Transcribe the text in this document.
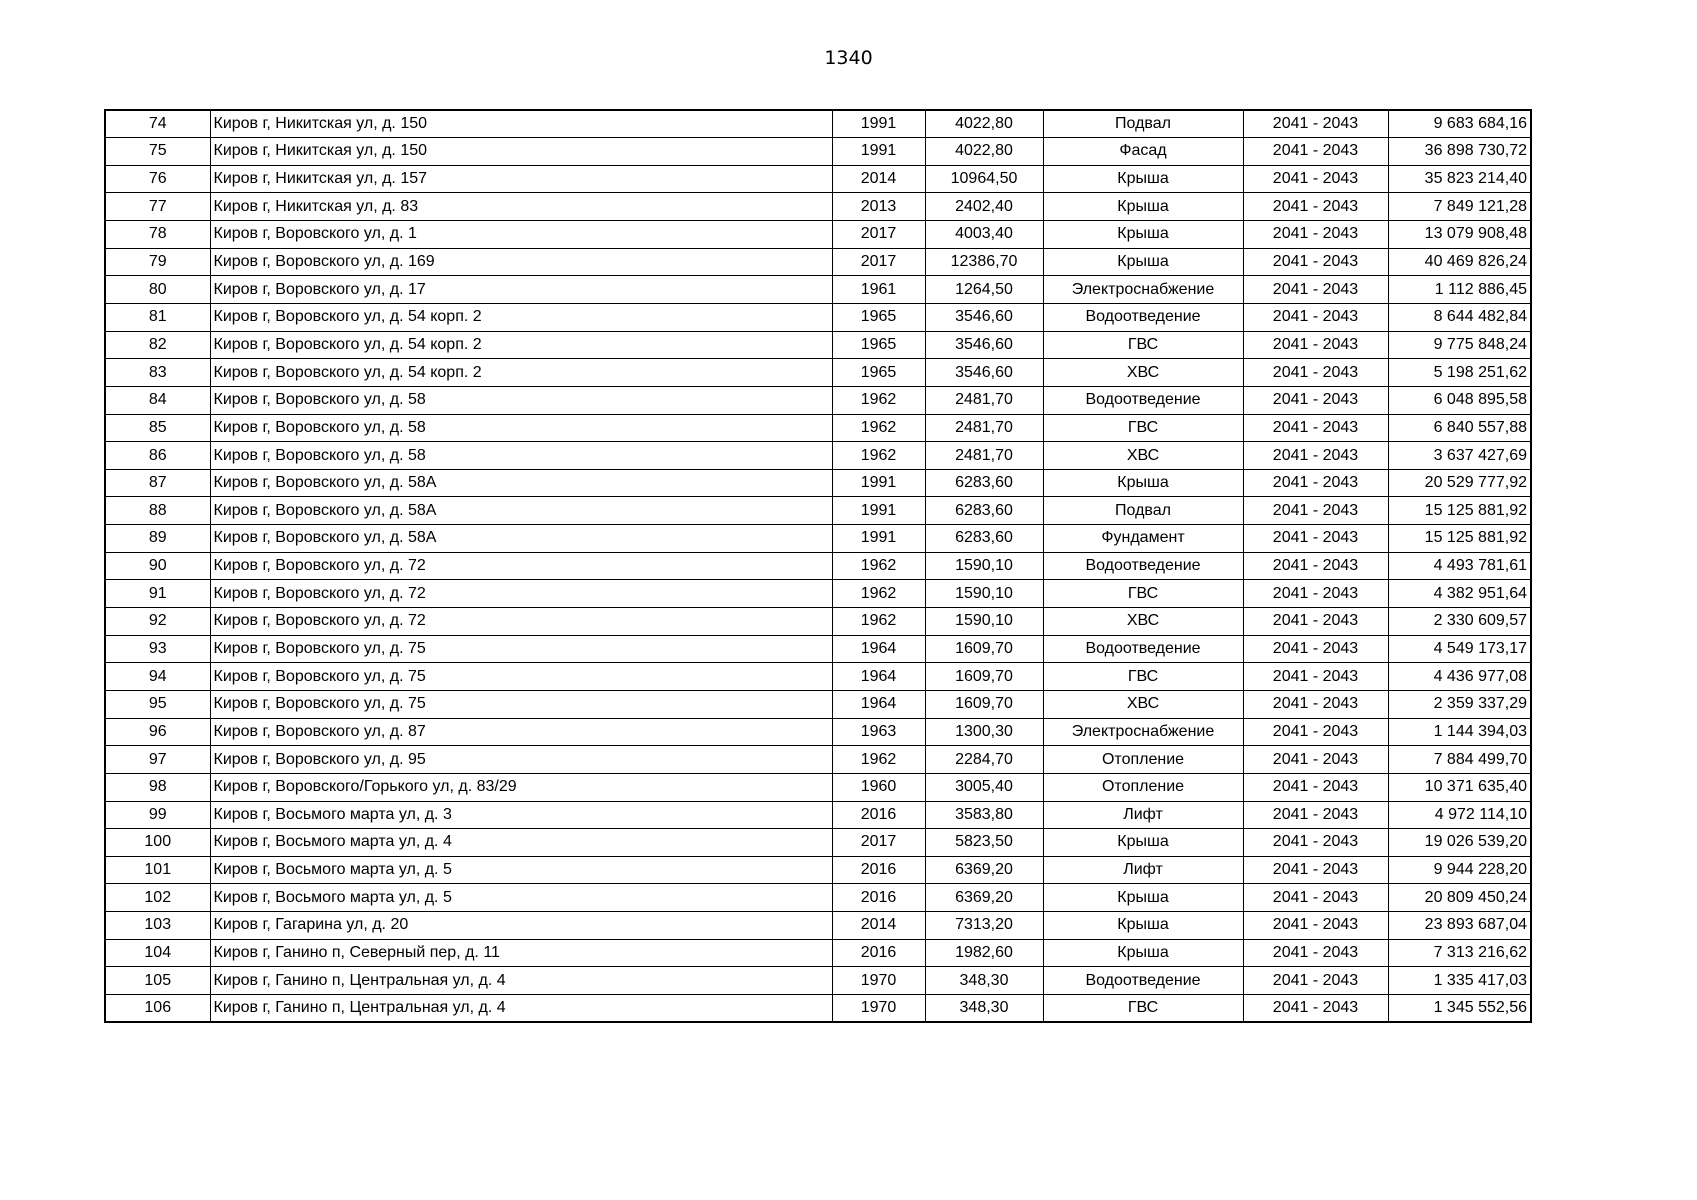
1340
74	Киров г, Никитская ул, д. 150	1991	4022,80	Подвал	2041 - 2043	9 683 684,16
75	Киров г, Никитская ул, д. 150	1991	4022,80	Фасад	2041 - 2043	36 898 730,72
76	Киров г, Никитская ул, д. 157	2014	10964,50	Крыша	2041 - 2043	35 823 214,40
77	Киров г, Никитская ул, д. 83	2013	2402,40	Крыша	2041 - 2043	7 849 121,28
78	Киров г, Воровского ул, д. 1	2017	4003,40	Крыша	2041 - 2043	13 079 908,48
79	Киров г, Воровского ул, д. 169	2017	12386,70	Крыша	2041 - 2043	40 469 826,24
80	Киров г, Воровского ул, д. 17	1961	1264,50	Электроснабжение	2041 - 2043	1 112 886,45
81	Киров г, Воровского ул, д. 54 корп. 2	1965	3546,60	Водоотведение	2041 - 2043	8 644 482,84
82	Киров г, Воровского ул, д. 54 корп. 2	1965	3546,60	ГВС	2041 - 2043	9 775 848,24
83	Киров г, Воровского ул, д. 54 корп. 2	1965	3546,60	ХВС	2041 - 2043	5 198 251,62
84	Киров г, Воровского ул, д. 58	1962	2481,70	Водоотведение	2041 - 2043	6 048 895,58
85	Киров г, Воровского ул, д. 58	1962	2481,70	ГВС	2041 - 2043	6 840 557,88
86	Киров г, Воровского ул, д. 58	1962	2481,70	ХВС	2041 - 2043	3 637 427,69
87	Киров г, Воровского ул, д. 58А	1991	6283,60	Крыша	2041 - 2043	20 529 777,92
88	Киров г, Воровского ул, д. 58А	1991	6283,60	Подвал	2041 - 2043	15 125 881,92
89	Киров г, Воровского ул, д. 58А	1991	6283,60	Фундамент	2041 - 2043	15 125 881,92
90	Киров г, Воровского ул, д. 72	1962	1590,10	Водоотведение	2041 - 2043	4 493 781,61
91	Киров г, Воровского ул, д. 72	1962	1590,10	ГВС	2041 - 2043	4 382 951,64
92	Киров г, Воровского ул, д. 72	1962	1590,10	ХВС	2041 - 2043	2 330 609,57
93	Киров г, Воровского ул, д. 75	1964	1609,70	Водоотведение	2041 - 2043	4 549 173,17
94	Киров г, Воровского ул, д. 75	1964	1609,70	ГВС	2041 - 2043	4 436 977,08
95	Киров г, Воровского ул, д. 75	1964	1609,70	ХВС	2041 - 2043	2 359 337,29
96	Киров г, Воровского ул, д. 87	1963	1300,30	Электроснабжение	2041 - 2043	1 144 394,03
97	Киров г, Воровского ул, д. 95	1962	2284,70	Отопление	2041 - 2043	7 884 499,70
98	Киров г, Воровского/Горького ул, д. 83/29	1960	3005,40	Отопление	2041 - 2043	10 371 635,40
99	Киров г, Восьмого марта ул, д. 3	2016	3583,80	Лифт	2041 - 2043	4 972 114,10
100	Киров г, Восьмого марта ул, д. 4	2017	5823,50	Крыша	2041 - 2043	19 026 539,20
101	Киров г, Восьмого марта ул, д. 5	2016	6369,20	Лифт	2041 - 2043	9 944 228,20
102	Киров г, Восьмого марта ул, д. 5	2016	6369,20	Крыша	2041 - 2043	20 809 450,24
103	Киров г, Гагарина ул, д. 20	2014	7313,20	Крыша	2041 - 2043	23 893 687,04
104	Киров г, Ганино п, Северный пер, д. 11	2016	1982,60	Крыша	2041 - 2043	7 313 216,62
105	Киров г, Ганино п, Центральная ул, д. 4	1970	348,30	Водоотведение	2041 - 2043	1 335 417,03
106	Киров г, Ганино п, Центральная ул, д. 4	1970	348,30	ГВС	2041 - 2043	1 345 552,56
